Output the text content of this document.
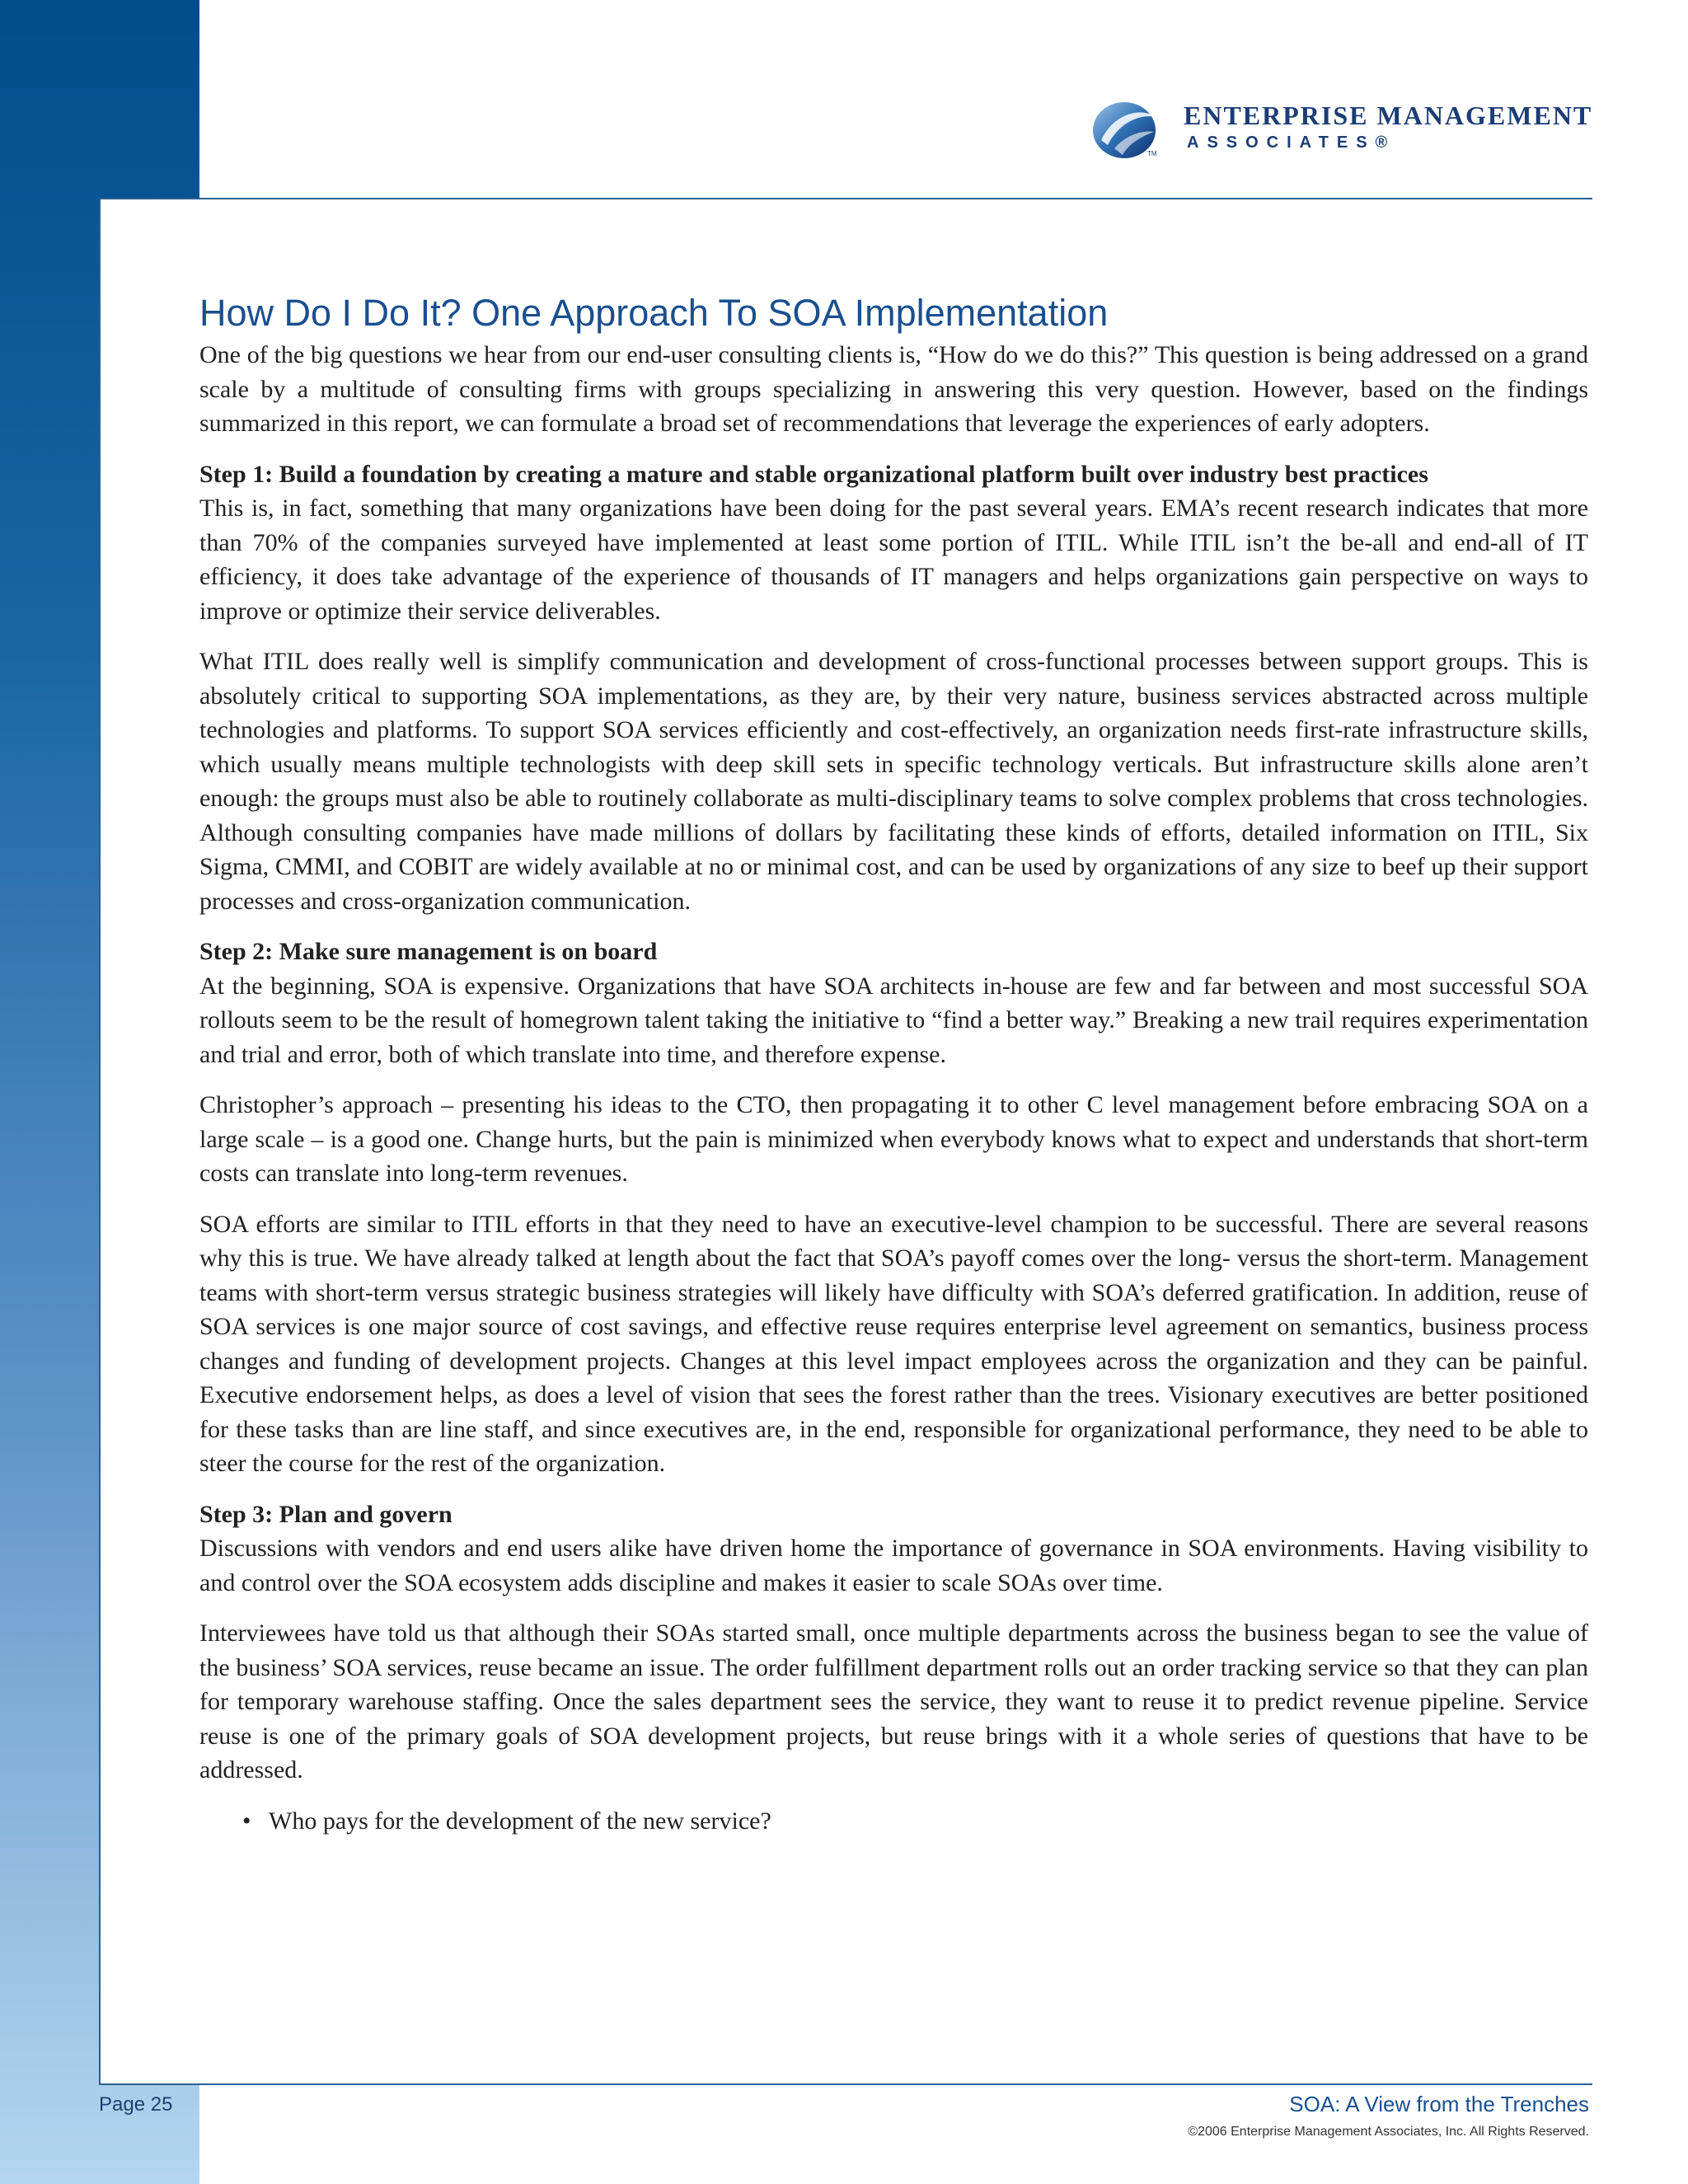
TM
ENTERPRISE MANAGEMENT
ASSOCIATES®
How Do I Do It? One Approach To SOA Implementation

One of the big questions we hear from our end-user consulting clients is, “How do we do this?” This question is being addressed on a grand scale by a multitude of consulting firms with groups specializing in answering this very question. However, based on the findings summarized in this report, we can formulate a broad set of recommendations that leverage the experiences of early adopters.

Step 1: Build a foundation by creating a mature and stable organizational platform built over industry best practices

This is, in fact, something that many organizations have been doing for the past several years. EMA’s recent research indicates that more than 70% of the companies surveyed have implemented at least some portion of ITIL. While ITIL isn’t the be-all and end-all of IT efficiency, it does take advantage of the experience of thousands of IT managers and helps organizations gain perspective on ways to improve or optimize their service deliverables.

What ITIL does really well is simplify communication and development of cross-functional processes between support groups. This is absolutely critical to supporting SOA implementations, as they are, by their very nature, business services abstracted across multiple technologies and platforms. To support SOA services efficiently and cost-effectively, an organization needs first-rate infrastructure skills, which usually means multiple technologists with deep skill sets in specific technology verticals. But infrastructure skills alone aren’t enough: the groups must also be able to routinely collaborate as multi-disciplinary teams to solve complex problems that cross technologies. Although consulting companies have made millions of dollars by facilitating these kinds of efforts, detailed information on ITIL, Six Sigma, CMMI, and COBIT are widely available at no or minimal cost, and can be used by organizations of any size to beef up their support processes and cross-organization communication.

Step 2: Make sure management is on board

At the beginning, SOA is expensive. Organizations that have SOA architects in-house are few and far between and most successful SOA rollouts seem to be the result of homegrown talent taking the initiative to “find a better way.” Breaking a new trail requires experimentation and trial and error, both of which translate into time, and therefore expense.

Christopher’s approach – presenting his ideas to the CTO, then propagating it to other C level management before embracing SOA on a large scale – is a good one. Change hurts, but the pain is minimized when everybody knows what to expect and understands that short-term costs can translate into long-term revenues.

SOA efforts are similar to ITIL efforts in that they need to have an executive-level champion to be successful. There are several reasons why this is true. We have already talked at length about the fact that SOA’s payoff comes over the long- versus the short-term. Management teams with short-term versus strategic business strategies will likely have difficulty with SOA’s deferred gratification. In addition, reuse of SOA services is one major source of cost savings, and effective reuse requires enterprise level agreement on semantics, business process changes and funding of development projects. Changes at this level impact employees across the organization and they can be painful. Executive endorsement helps, as does a level of vision that sees the forest rather than the trees. Visionary executives are better positioned for these tasks than are line staff, and since executives are, in the end, responsible for organizational performance, they need to be able to steer the course for the rest of the organization.

Step 3: Plan and govern

Discussions with vendors and end users alike have driven home the importance of governance in SOA environments. Having visibility to and control over the SOA ecosystem adds discipline and makes it easier to scale SOAs over time.

Interviewees have told us that although their SOAs started small, once multiple departments across the business began to see the value of the business’ SOA services, reuse became an issue. The order fulfillment department rolls out an order tracking service so that they can plan for temporary warehouse staffing. Once the sales department sees the service, they want to reuse it to predict revenue pipeline. Service reuse is one of the primary goals of SOA development projects, but reuse brings with it a whole series of questions that have to be addressed.

• Who pays for the development of the new service?
Page 25	SOA: A View from the Trenches
©2006 Enterprise Management Associates, Inc. All Rights Reserved.
